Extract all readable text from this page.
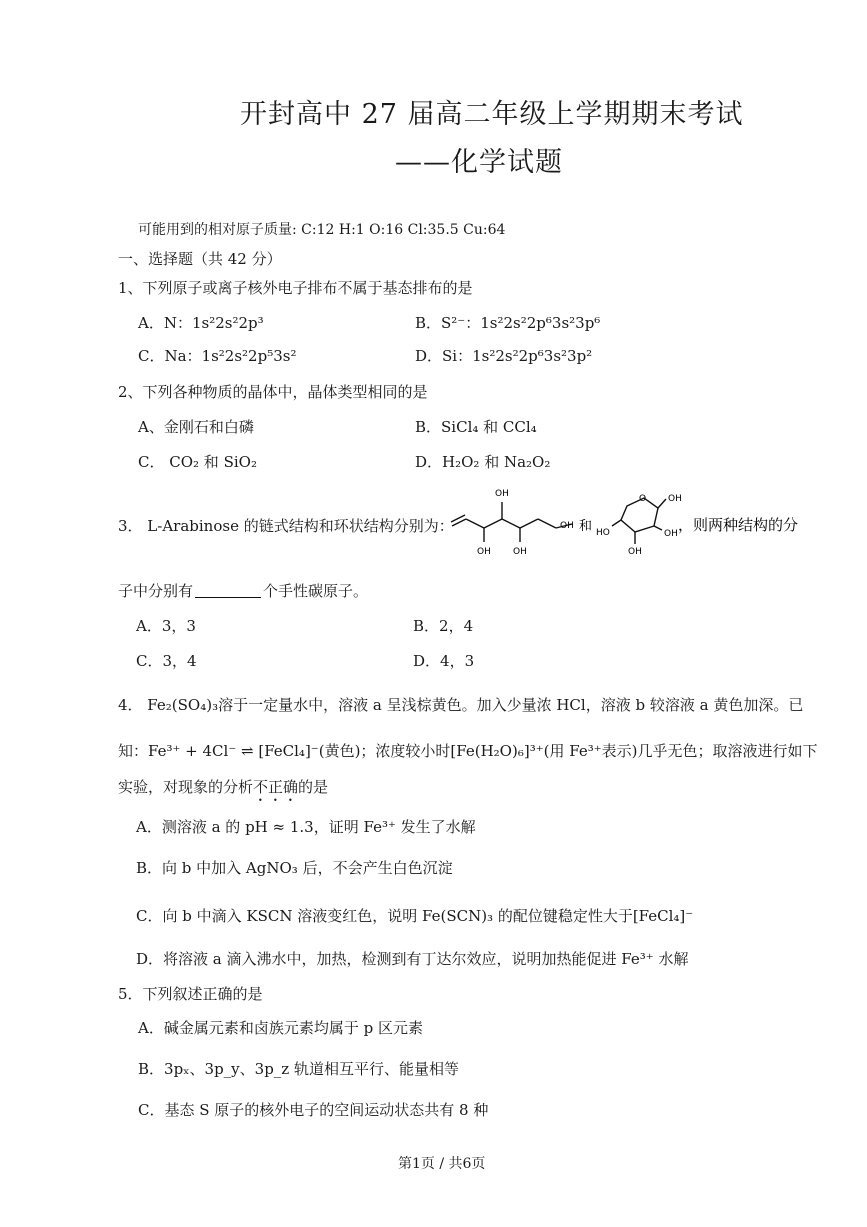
开封高中 27 届高二年级上学期期末考试
——化学试题
可能用到的相对原子质量: C:12 H:1 O:16 Cl:35.5 Cu:64
一、选择题（共 42 分）
1、下列原子或离子核外电子排布不属于基态排布的是
A．N：1s²2s²2p³	B．S²⁻：1s²2s²2p⁶3s²3p⁶
C．Na：1s²2s²2p⁵3s²	D．Si：1s²2s²2p⁶3s²3p²
2、下列各种物质的晶体中，晶体类型相同的是
A、金刚石和白磷	B．SiCl₄ 和 CCl₄
C． CO₂ 和 SiO₂	D．H₂O₂ 和 Na₂O₂
3． L-Arabinose 的链式结构和环状结构分别为：
OH
OH
OH
OH 和
O OH
OH
OH
HO	，则两种结构的分
子中分别有	个手性碳原子。
A．3，3	B．2，4
C．3，4	D．4，3
4． Fe₂(SO₄)₃溶于一定量水中，溶液 a 呈浅棕黄色。加入少量浓 HCl，溶液 b 较溶液 a 黄色加深。已
知：Fe³⁺ + 4Cl⁻ ⇌ [FeCl₄]⁻(黄色)；浓度较小时[Fe(H₂O)₆]³⁺(用 Fe³⁺表示)几乎无色；取溶液进行如下
实验，对现象的分析不正确的是
A．测溶液 a 的 pH ≈ 1.3，证明 Fe³⁺ 发生了水解
B．向 b 中加入 AgNO₃ 后，不会产生白色沉淀
C．向 b 中滴入 KSCN 溶液变红色，说明 Fe(SCN)₃ 的配位键稳定性大于[FeCl₄]⁻
D．将溶液 a 滴入沸水中，加热，检测到有丁达尔效应，说明加热能促进 Fe³⁺ 水解
5．下列叙述正确的是
A．碱金属元素和卤族元素均属于 p 区元素
B．3pₓ、3p_y、3p_z 轨道相互平行、能量相等
C．基态 S 原子的核外电子的空间运动状态共有 8 种
第1页 / 共6页
